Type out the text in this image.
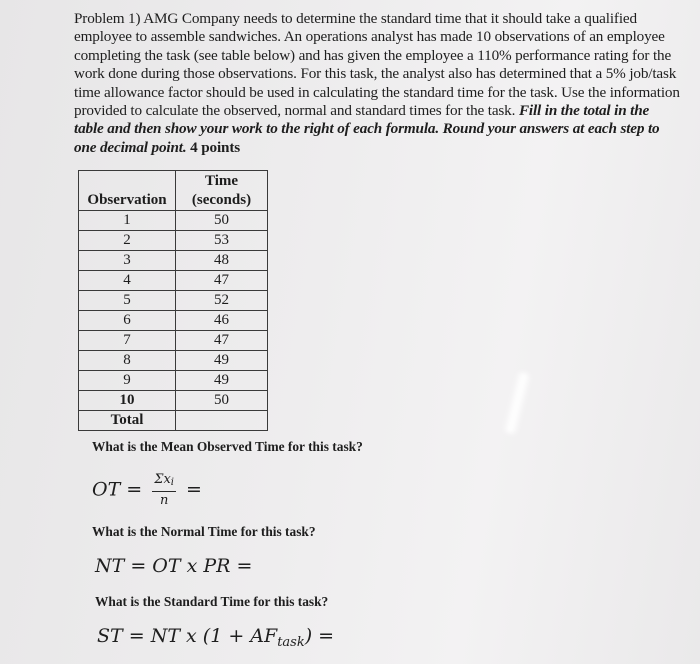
Problem 1) AMG Company needs to determine the standard time that it should take a qualified employee to assemble sandwiches. An operations analyst has made 10 observations of an employee completing the task (see table below) and has given the employee a 110% performance rating for the work done during those observations. For this task, the analyst also has determined that a 5% job/task time allowance factor should be used in calculating the standard time for the task. Use the information provided to calculate the observed, normal and standard times for the task. Fill in the total in the table and then show your work to the right of each formula. Round your answers at each step to one decimal point. 4 points
	Time
Observation	(seconds)
1	50
2	53
3	48
4	47
5	52
6	46
7	47
8	49
9	49
10	50
Total	
What is the Mean Observed Time for this task?
OT = $\frac{\Sigma x_i}{n}$ =
What is the Normal Time for this task?
NT = OT x PR =
What is the Standard Time for this task?
ST = NT x $(1 + AF_{task})$ =
